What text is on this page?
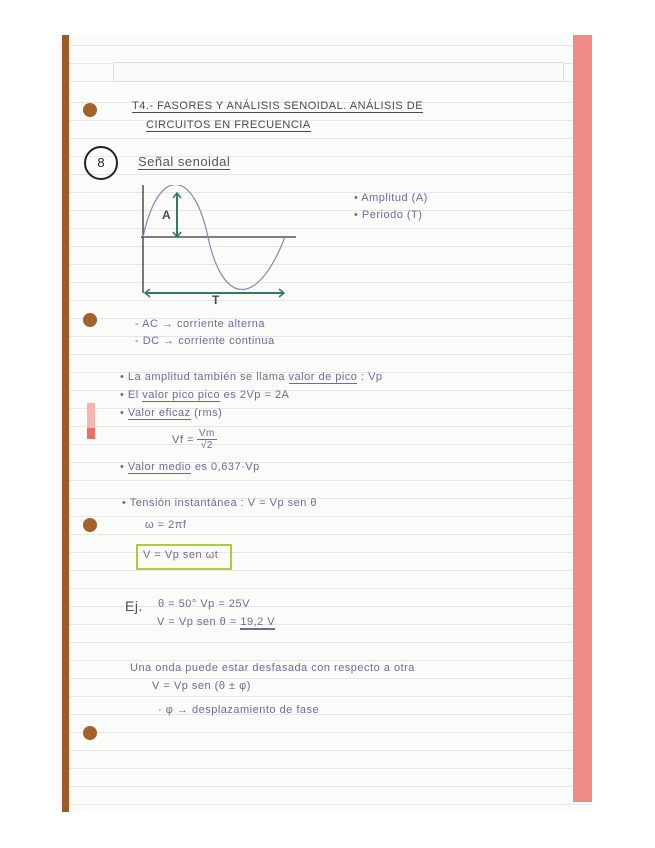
T4.- FASORES Y ANÁLISIS SENOIDAL. ANÁLISIS DE
CIRCUITOS EN FRECUENCIA
8	Señal senoidal
A
T
• Amplitud (A)
• Periodo (T)
- AC → corriente alterna
- DC → corriente continua
• La amplitud también se llama valor de pico : Vp
• El valor pico pico es 2Vp = 2A
• Valor eficaz (rms)
$Vf = \frac{Vm}{√2}$
• Valor medio es 0,637·Vp
• Tensión instantánea : V = Vp sen θ
ω = 2πf
V = Vp sen ωt
Ej. θ = 50° Vp = 25V
V = Vp sen θ = 19,2 V
Una onda puede estar desfasada con respecto a otra
V = Vp sen (θ ± φ)
· φ → desplazamiento de fase
